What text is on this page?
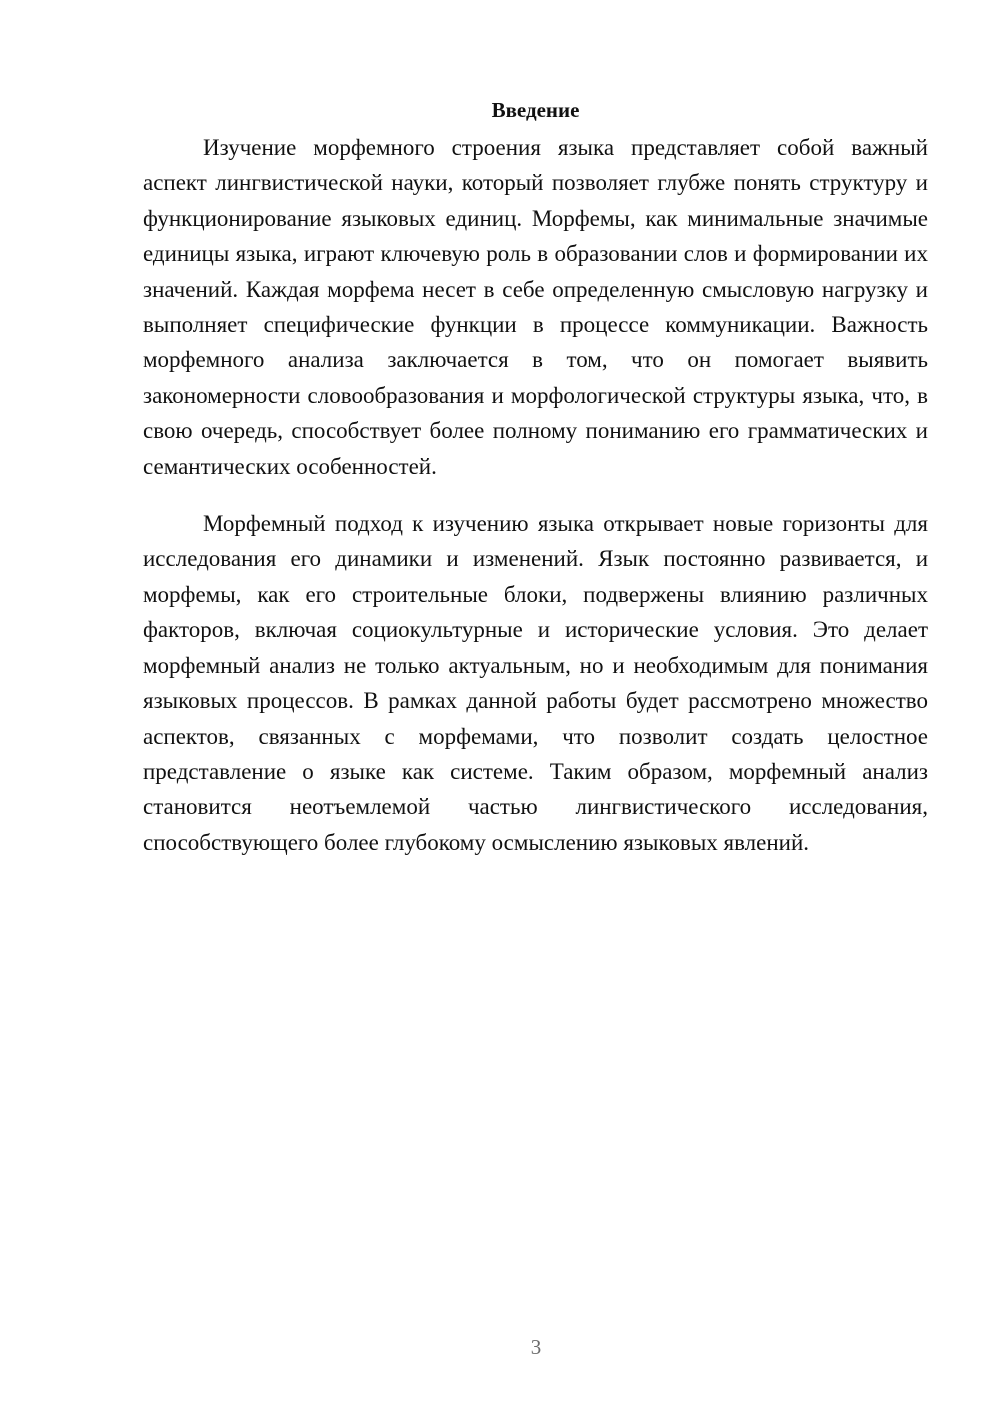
Введение

Изучение морфемного строения языка представляет собой важный аспект лингвистической науки, который позволяет глубже понять структуру и функционирование языковых единиц. Морфемы, как минимальные значимые единицы языка, играют ключевую роль в образовании слов и формировании их значений. Каждая морфема несет в себе определенную смысловую нагрузку и выполняет специфические функции в процессе коммуникации. Важность морфемного анализа заключается в том, что он помогает выявить закономерности словообразования и морфологической структуры языка, что, в свою очередь, способствует более полному пониманию его грамматических и семантических особенностей.

Морфемный подход к изучению языка открывает новые горизонты для исследования его динамики и изменений. Язык постоянно развивается, и морфемы, как его строительные блоки, подвержены влиянию различных факторов, включая социокультурные и исторические условия. Это делает морфемный анализ не только актуальным, но и необходимым для понимания языковых процессов. В рамках данной работы будет рассмотрено множество аспектов, связанных с морфемами, что позволит создать целостное представление о языке как системе. Таким образом, морфемный анализ становится неотъемлемой частью лингвистического исследования, способствующего более глубокому осмыслению языковых явлений.

3
